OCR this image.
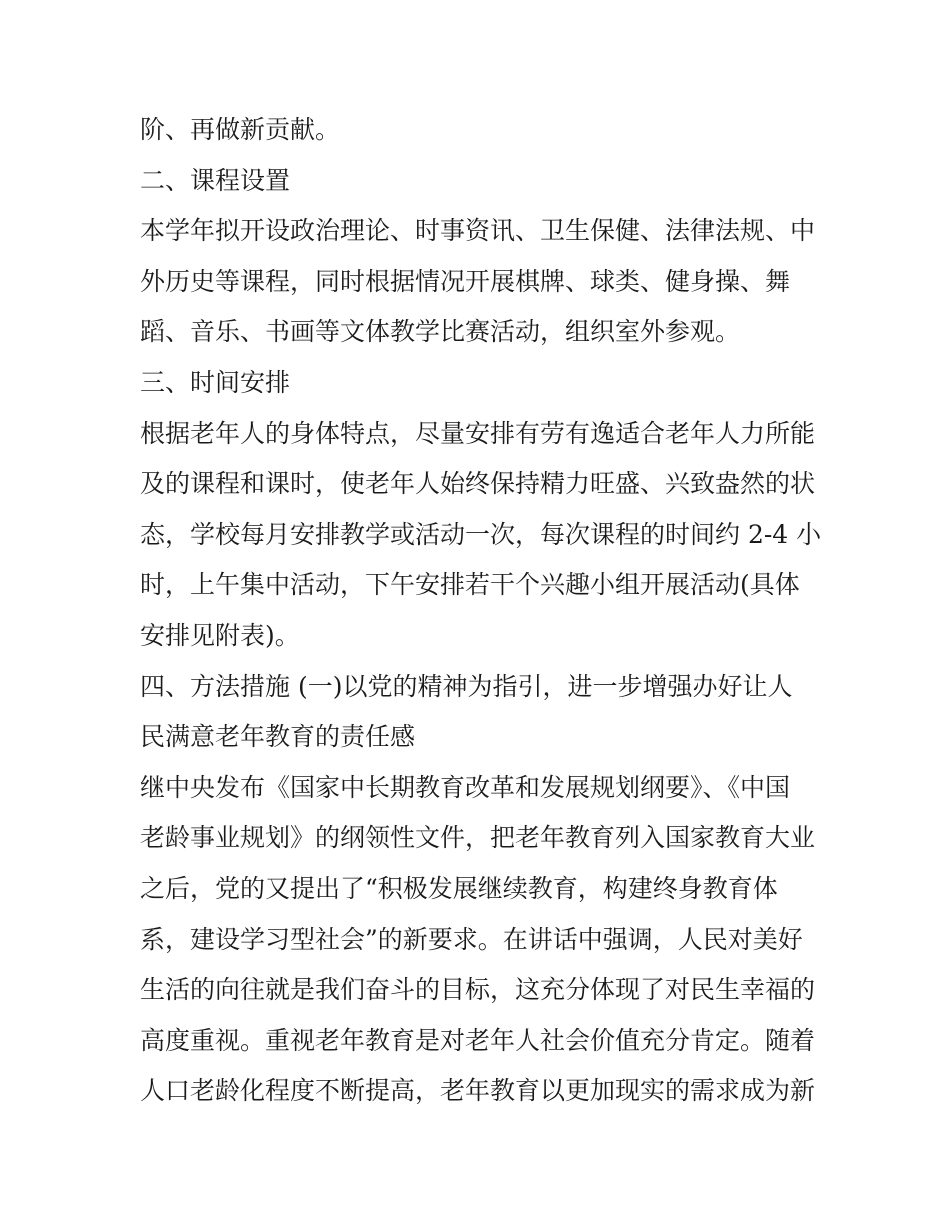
阶、再做新贡献。
二、课程设置
本学年拟开设政治理论、时事资讯、卫生保健、法律法规、中
外历史等课程，同时根据情况开展棋牌、球类、健身操、舞
蹈、音乐、书画等文体教学比赛活动，组织室外参观。
三、时间安排
根据老年人的身体特点，尽量安排有劳有逸适合老年人力所能
及的课程和课时，使老年人始终保持精力旺盛、兴致盎然的状
态，学校每月安排教学或活动一次，每次课程的时间约 2-4 小
时，上午集中活动，下午安排若干个兴趣小组开展活动(具体
安排见附表)。
四、方法措施 (一)以党的精神为指引，进一步增强办好让人
民满意老年教育的责任感
继中央发布《国家中长期教育改革和发展规划纲要》、《中国
老龄事业规划》的纲领性文件，把老年教育列入国家教育大业
之后，党的又提出了“积极发展继续教育，构建终身教育体
系，建设学习型社会”的新要求。在讲话中强调，人民对美好
生活的向往就是我们奋斗的目标，这充分体现了对民生幸福的
高度重视。重视老年教育是对老年人社会价值充分肯定。随着
人口老龄化程度不断提高，老年教育以更加现实的需求成为新
